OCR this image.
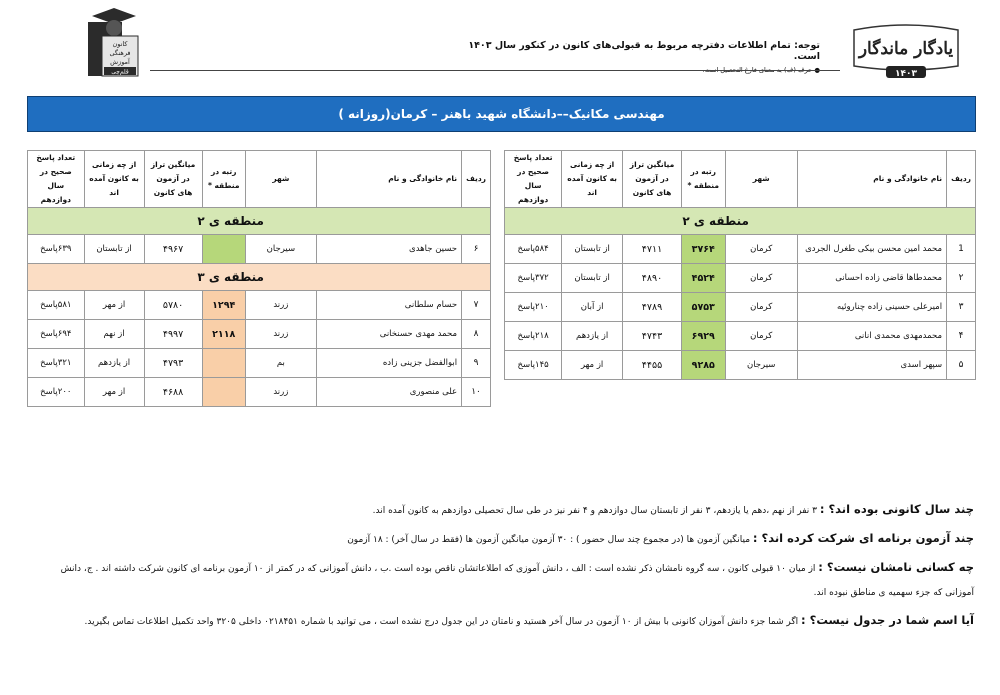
یادگار ماندگار
۱۴۰۳
توجه: تمام اطلاعات دفترچه مربوط به قبولی‌های کانون در کنکور سال ۱۴۰۳ است.
● حرف (ف) به معنای فارغ التحصیل است.
کانون
فرهنگی
آموزش
قلم‌چی
مهندسی مکانیک––دانشگاه شهید باهنر – کرمان(روزانه )
ردیف	نام خانوادگی و نام	شهر	رتبه در منطقه *	میانگین تراز در آزمون های کانون	از چه زمانی به کانون آمده اند	تعداد پاسخ صحیح در سال دوازدهم
منطقه ی ۲						
1	محمد امین محسن بیکی طغرل الجردی	کرمان	۳۷۶۴	۴۷۱۱	از تابستان	۵۸۴پاسخ
۲	محمدطاها قاضی زاده احسانی	کرمان	۴۵۲۴	۴۸۹۰	از تابستان	۳۷۲پاسخ
۳	امیرعلی حسینی زاده چناروئیه	کرمان	۵۷۵۳	۴۷۸۹	از آبان	۲۱۰پاسخ
۴	محمدمهدی محمدی انانی	کرمان	۶۹۲۹	۴۷۴۳	از یازدهم	۲۱۸پاسخ
۵	سپهر اسدی	سیرجان	۹۲۸۵	۴۴۵۵	از مهر	۱۴۵پاسخ
ردیف	نام خانوادگی و نام	شهر	رتبه در منطقه *	میانگین تراز در آزمون های کانون	از چه زمانی به کانون آمده اند	تعداد پاسخ صحیح در سال دوازدهم
منطقه ی ۲						
۶	حسین جاهدی	سیرجان		۴۹۶۷	از تابستان	۶۳۹پاسخ
منطقه ی ۳						
۷	حسام سلطانی	زرند	۱۲۹۴	۵۷۸۰	از مهر	۵۸۱پاسخ
۸	محمد مهدی حسنخانی	زرند	۲۱۱۸	۴۹۹۷	از نهم	۶۹۴پاسخ
۹	ابوالفضل جزینی زاده	بم		۴۷۹۳	از یازدهم	۳۲۱پاسخ
۱۰	علی منصوری	زرند		۴۶۸۸	از مهر	۲۰۰پاسخ

چند سال کانونی بوده اند؟ : ۳ نفر از نهم ،دهم یا یازدهم، ۳ نفر از تابستان سال دوازدهم و ۴ نفر نیز در طی سال تحصیلی دوازدهم به کانون آمده اند.

چند آزمون برنامه ای شرکت کرده اند؟ : میانگین آزمون ها (در مجموع چند سال حضور ) : ۳۰ آزمون میانگین آزمون ها (فقط در سال آخر) : ۱۸ آزمون

چه کسانی نامشان نیست؟ : از میان ۱۰ قبولی کانون ، سه گروه نامشان ذکر نشده است : الف ، دانش آموزی که اطلاعاتشان ناقص بوده است .ب ، دانش آموزانی که در کمتر از ۱۰ آزمون برنامه ای کانون شرکت داشته اند . ج، دانش آموزانی که جزء سهمیه ی مناطق نبوده اند.

آیا اسم شما در جدول نیست؟ : اگر شما جزء دانش آموزان کانونی با بیش از ۱۰ آزمون در سال آخر هستید و نامتان در این جدول درج نشده است ، می توانید با شماره ۰۲۱۸۴۵۱ داخلی ۳۲۰۵ واحد تکمیل اطلاعات تماس بگیرید.
